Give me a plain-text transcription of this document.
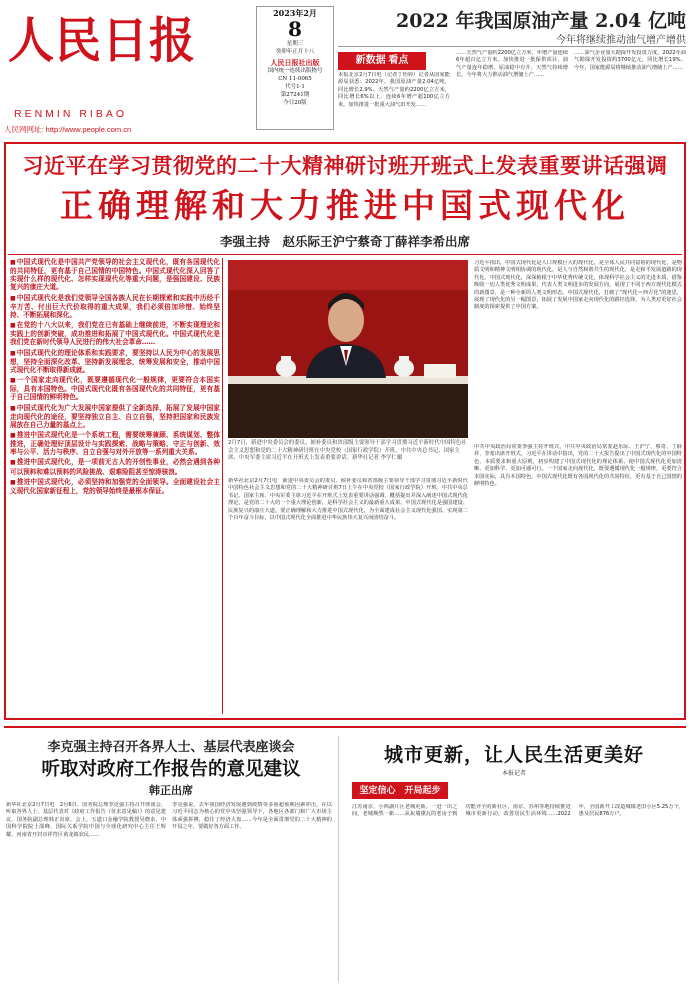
人民日报
RENMIN RIBAO
人民网网址: http://www.people.com.cn
2023年2月
8
星期三
癸卯年正月十八
人民日报社出版
国内统一连续出版物号
CN 11-0065
代号1-1
第27241期
今日20版
2022 年我国原油产量 2.04 亿吨
今年将继续推动油气增产增供
新数据 看点
本报北京2月7日电（记者丁怡婷）记者从国家能源局获悉：2022年，我国原油产量2.04亿吨，同比增长2.9%。天然气产量约2200亿立方米，同比增长6%以上，连续6年增产超100亿立方米。加快推进一批重大油气田开发……
……天然气产量约2200亿立方米，年增产量连续6年超百亿立方米。加快推进一批保供项目，油气产量连年稳增，原油稳中有升、天然气持续增长。今年将大力推动油气增储上产……
……油气企业加大勘探开发投资力度，2022年油气勘探开发投资约3700亿元，同比增长19%。今年，国家能源局将继续推动油气增储上产……
习近平在学习贯彻党的二十大精神研讨班开班式上发表重要讲话强调
正确理解和大力推进中国式现代化
李强主持　赵乐际王沪宁蔡奇丁薛祥李希出席

■ 中国式现代化是中国共产党领导的社会主义现代化，既有各国现代化的共同特征，更有基于自己国情的中国特色。中国式现代化深入回答了实现什么样的现代化、怎样实现现代化等重大问题，是强国建设、民族复兴的康庄大道。

■ 中国式现代化是我们党领导全国各族人民在长期探索和实践中历经千辛万苦、付出巨大代价取得的重大成果，我们必须倍加珍惜、始终坚持、不断拓展和深化。

■ 在党的十八大以来，我们党在已有基础上继续前进，不断实现理论和实践上的创新突破，成功推进和拓展了中国式现代化。中国式现代化是我们党在新时代领导人民进行的伟大社会革命……

■ 中国式现代化的理论体系和实践要求，要坚持以人民为中心的发展思想，坚持全面深化改革、坚持新发展理念，统筹发展和安全，推动中国式现代化不断取得新成就。

■ 一个国家走向现代化，既要遵循现代化一般规律，更要符合本国实际，具有本国特色。中国式现代化既有各国现代化的共同特征，更有基于自己国情的鲜明特色。

■ 中国式现代化为广大发展中国家提供了全新选择，拓展了发展中国家走向现代化的途径，要坚持独立自主、自立自强，坚持把国家和民族发展放在自己力量的基点上。

■ 推进中国式现代化是一个系统工程，需要统筹兼顾、系统谋划、整体推进，正确处理好顶层设计与实践探索、战略与策略、守正与创新、效率与公平、活力与秩序、自立自强与对外开放等一系列重大关系。

■ 推进中国式现代化，是一项前无古人的开创性事业，必然会遇到各种可以预料和难以预料的风险挑战、艰难险阻甚至惊涛骇浪。

■ 推进中国式现代化，必须坚持和加强党的全面领导。全面建设社会主义现代化国家新征程上，党的领导始终是最根本保证。

2月7日，新进中央委员会的委员、候补委员和省部级主要领导干部学习贯彻习近平新时代中国特色社会主义思想和党的二十大精神研讨班在中央党校（国家行政学院）开班。中共中央总书记、国家主席、中央军委主席习近平在开班式上发表重要讲话。新华社记者 李学仁摄
习近平指出，中国式现代化是人口规模巨大的现代化，是全体人民共同富裕的现代化，是物质文明和精神文明相协调的现代化，是人与自然和谐共生的现代化，是走和平发展道路的现代化。中国式现代化，深深植根于中华优秀传统文化，体现科学社会主义的先进本质，借鉴吸收一切人类优秀文明成果，代表人类文明进步的发展方向，展现了不同于西方现代化模式的新图景，是一种全新的人类文明形态。中国式现代化，打破了“现代化＝西方化”的迷思，展现了现代化的另一幅图景，拓展了发展中国家走向现代化的路径选择，为人类对更好社会制度的探索提供了中国方案。
新华社北京2月7日电　新进中央委员会的委员、候补委员和省部级主要领导干部学习贯彻习近平新时代中国特色社会主义思想和党的二十大精神研讨班7日上午在中央党校（国家行政学院）开班。中共中央总书记、国家主席、中央军委主席习近平在开班式上发表重要讲话强调，概括提出并深入阐述中国式现代化理论，是党的二十大的一个重大理论创新，是科学社会主义的最新重大成果。中国式现代化是强国建设、民族复兴的康庄大道。要正确理解和大力推进中国式现代化，为全面建成社会主义现代化强国、实现第二个百年奋斗目标，以中国式现代化全面推进中华民族伟大复兴而团结奋斗。
中共中央政治局常委李强主持开班式，中共中央政治局常委赵乐际、王沪宁、蔡奇、丁薛祥、李希出席开班式。习近平在讲话中指出，党的二十大报告提出了中国式现代化的中国特色、本质要求和重大原则，初步构建了中国式现代化的理论体系，使中国式现代化更加清晰、更加科学、更加可感可行。一个国家走向现代化，既要遵循现代化一般规律，更要符合本国实际，具有本国特色。中国式现代化既有各国现代化的共同特征，更有基于自己国情的鲜明特色。
李克强主持召开各界人士、基层代表座谈会
听取对政府工作报告的意见建议
韩正出席
新华社北京2月7日电　2月6日，国务院总理李克强主持召开座谈会，听取各界人士、基层代表对《政府工作报告（征求意见稿）》的意见建议。国务院副总理韩正出席。会上，五道口金融学院教授吴晓求、中国科学院院士邵峰、国际关系学院中国与全球化研究中心主任王辉耀、河南省开封市祥符区黄龙镇农民……
李克强说，去年我国经济发展遇到疫情等多重超预期因素冲击，在以习近平同志为核心的党中央坚强领导下，各地区各部门和广大市场主体顽强拼搏，稳住了经济大盘……今年是全面贯彻党的二十大精神的开局之年，要做好各方面工作。
城市更新，让人民生活更美好
本报记者
坚定信心　开局起步
江苏南京，小西湖片区老城更新。一进一出之间，老城焕然一新……从灰墙黛瓦的老房子到功能齐全的新社区，南京、苏州等地持续推进城市更新行动，改善居民生活环境……2022年，全国新开工改造城镇老旧小区5.25万个，惠及居民876万户。
